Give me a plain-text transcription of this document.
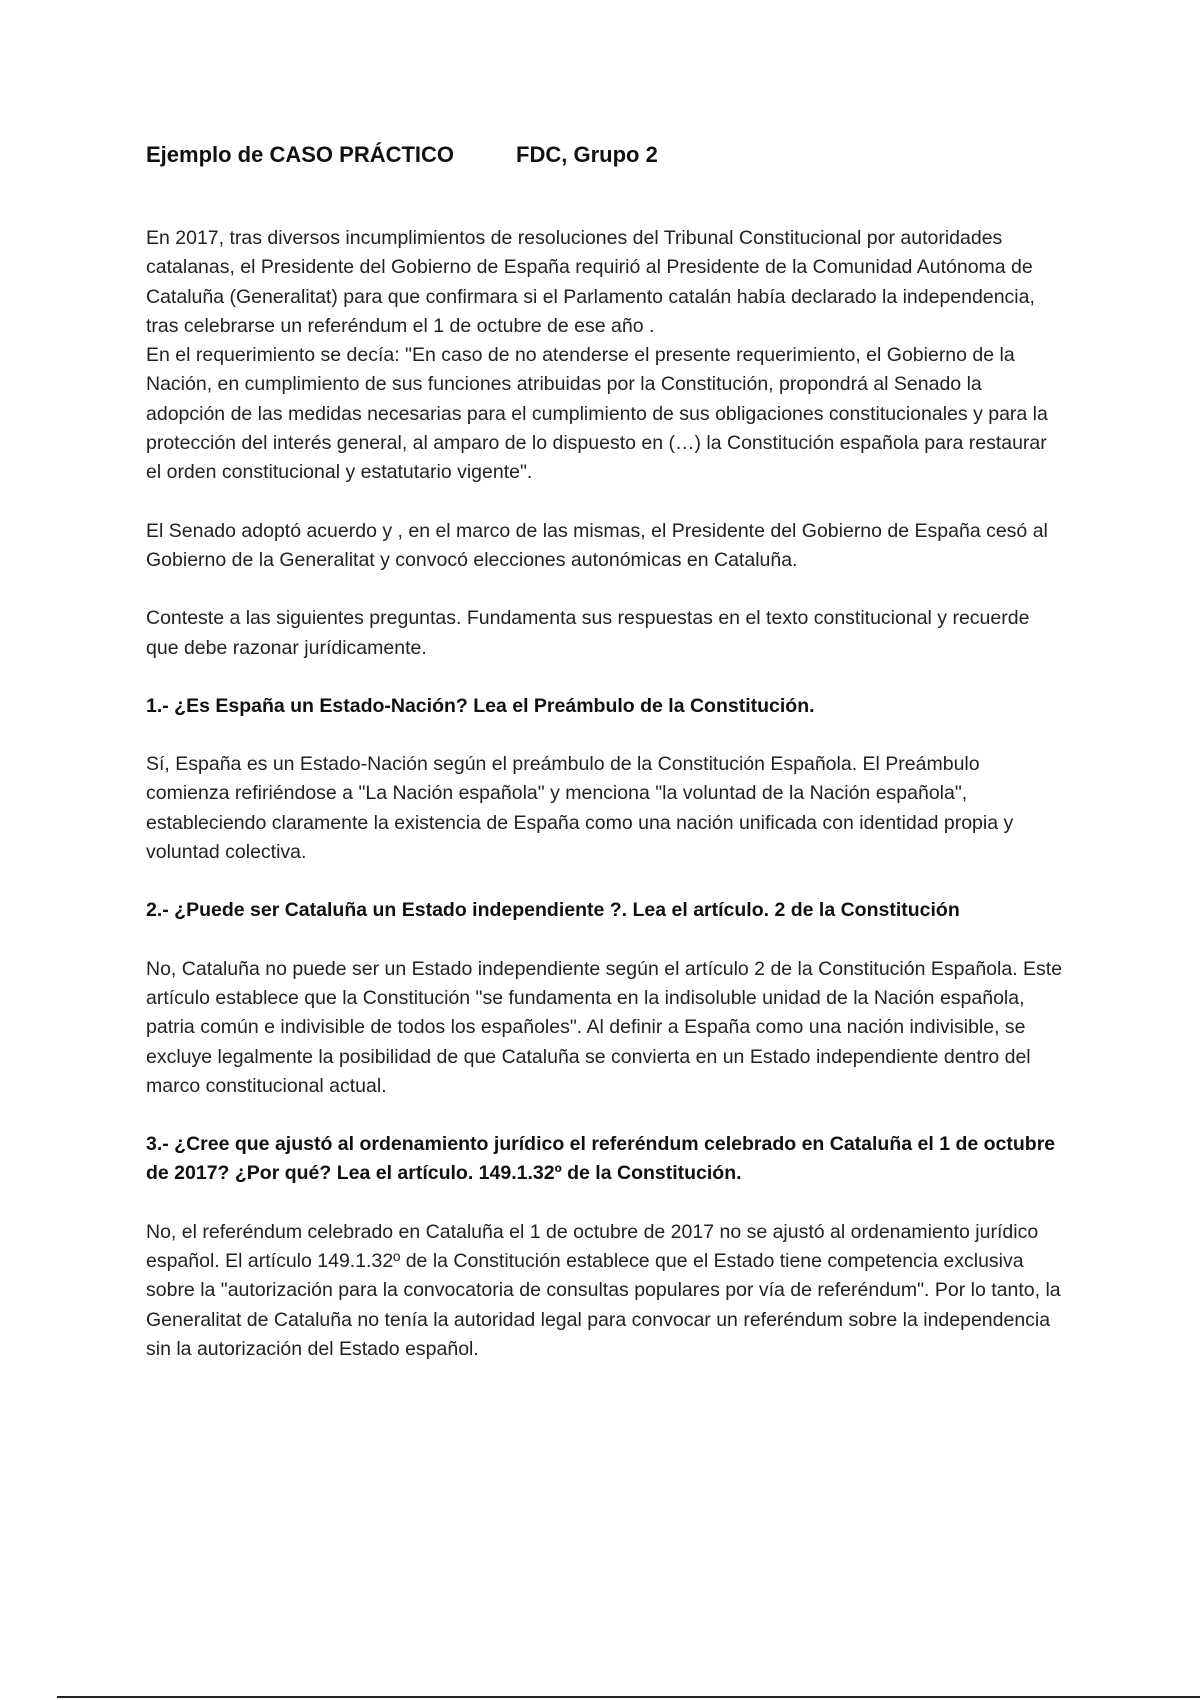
Ejemplo de CASO PRÁCTICO	FDC, Grupo 2

En 2017, tras diversos incumplimientos de resoluciones del Tribunal Constitucional por autoridades catalanas, el Presidente del Gobierno de España requirió al Presidente de la Comunidad Autónoma de Cataluña (Generalitat) para que confirmara si el Parlamento catalán había declarado la independencia, tras celebrarse un referéndum el 1 de octubre de ese año .

En el requerimiento se decía: "En caso de no atenderse el presente requerimiento, el Gobierno de la Nación, en cumplimiento de sus funciones atribuidas por la Constitución, propondrá al Senado la adopción de las medidas necesarias para el cumplimiento de sus obligaciones constitucionales y para la protección del interés general, al amparo de lo dispuesto en (…) la Constitución española para restaurar el orden constitucional y estatutario vigente".

El Senado adoptó acuerdo y , en el marco de las mismas, el Presidente del Gobierno de España cesó al Gobierno de la Generalitat y convocó elecciones autonómicas en Cataluña.

Conteste a las siguientes preguntas. Fundamenta sus respuestas en el texto constitucional y recuerde que debe razonar jurídicamente.

1.- ¿Es España un Estado-Nación? Lea el Preámbulo de la Constitución.

Sí, España es un Estado-Nación según el preámbulo de la Constitución Española. El Preámbulo comienza refiriéndose a "La Nación española" y menciona "la voluntad de la Nación española", estableciendo claramente la existencia de España como una nación unificada con identidad propia y voluntad colectiva.

2.- ¿Puede ser Cataluña un Estado independiente ?. Lea el artículo. 2 de la Constitución

No, Cataluña no puede ser un Estado independiente según el artículo 2 de la Constitución Española. Este artículo establece que la Constitución "se fundamenta en la indisoluble unidad de la Nación española, patria común e indivisible de todos los españoles". Al definir a España como una nación indivisible, se excluye legalmente la posibilidad de que Cataluña se convierta en un Estado independiente dentro del marco constitucional actual.

3.- ¿Cree que ajustó al ordenamiento jurídico el referéndum celebrado en Cataluña el 1 de octubre de 2017? ¿Por qué? Lea el artículo. 149.1.32º de la Constitución.

No, el referéndum celebrado en Cataluña el 1 de octubre de 2017 no se ajustó al ordenamiento jurídico español. El artículo 149.1.32º de la Constitución establece que el Estado tiene competencia exclusiva sobre la "autorización para la convocatoria de consultas populares por vía de referéndum". Por lo tanto, la Generalitat de Cataluña no tenía la autoridad legal para convocar un referéndum sobre la independencia sin la autorización del Estado español.
